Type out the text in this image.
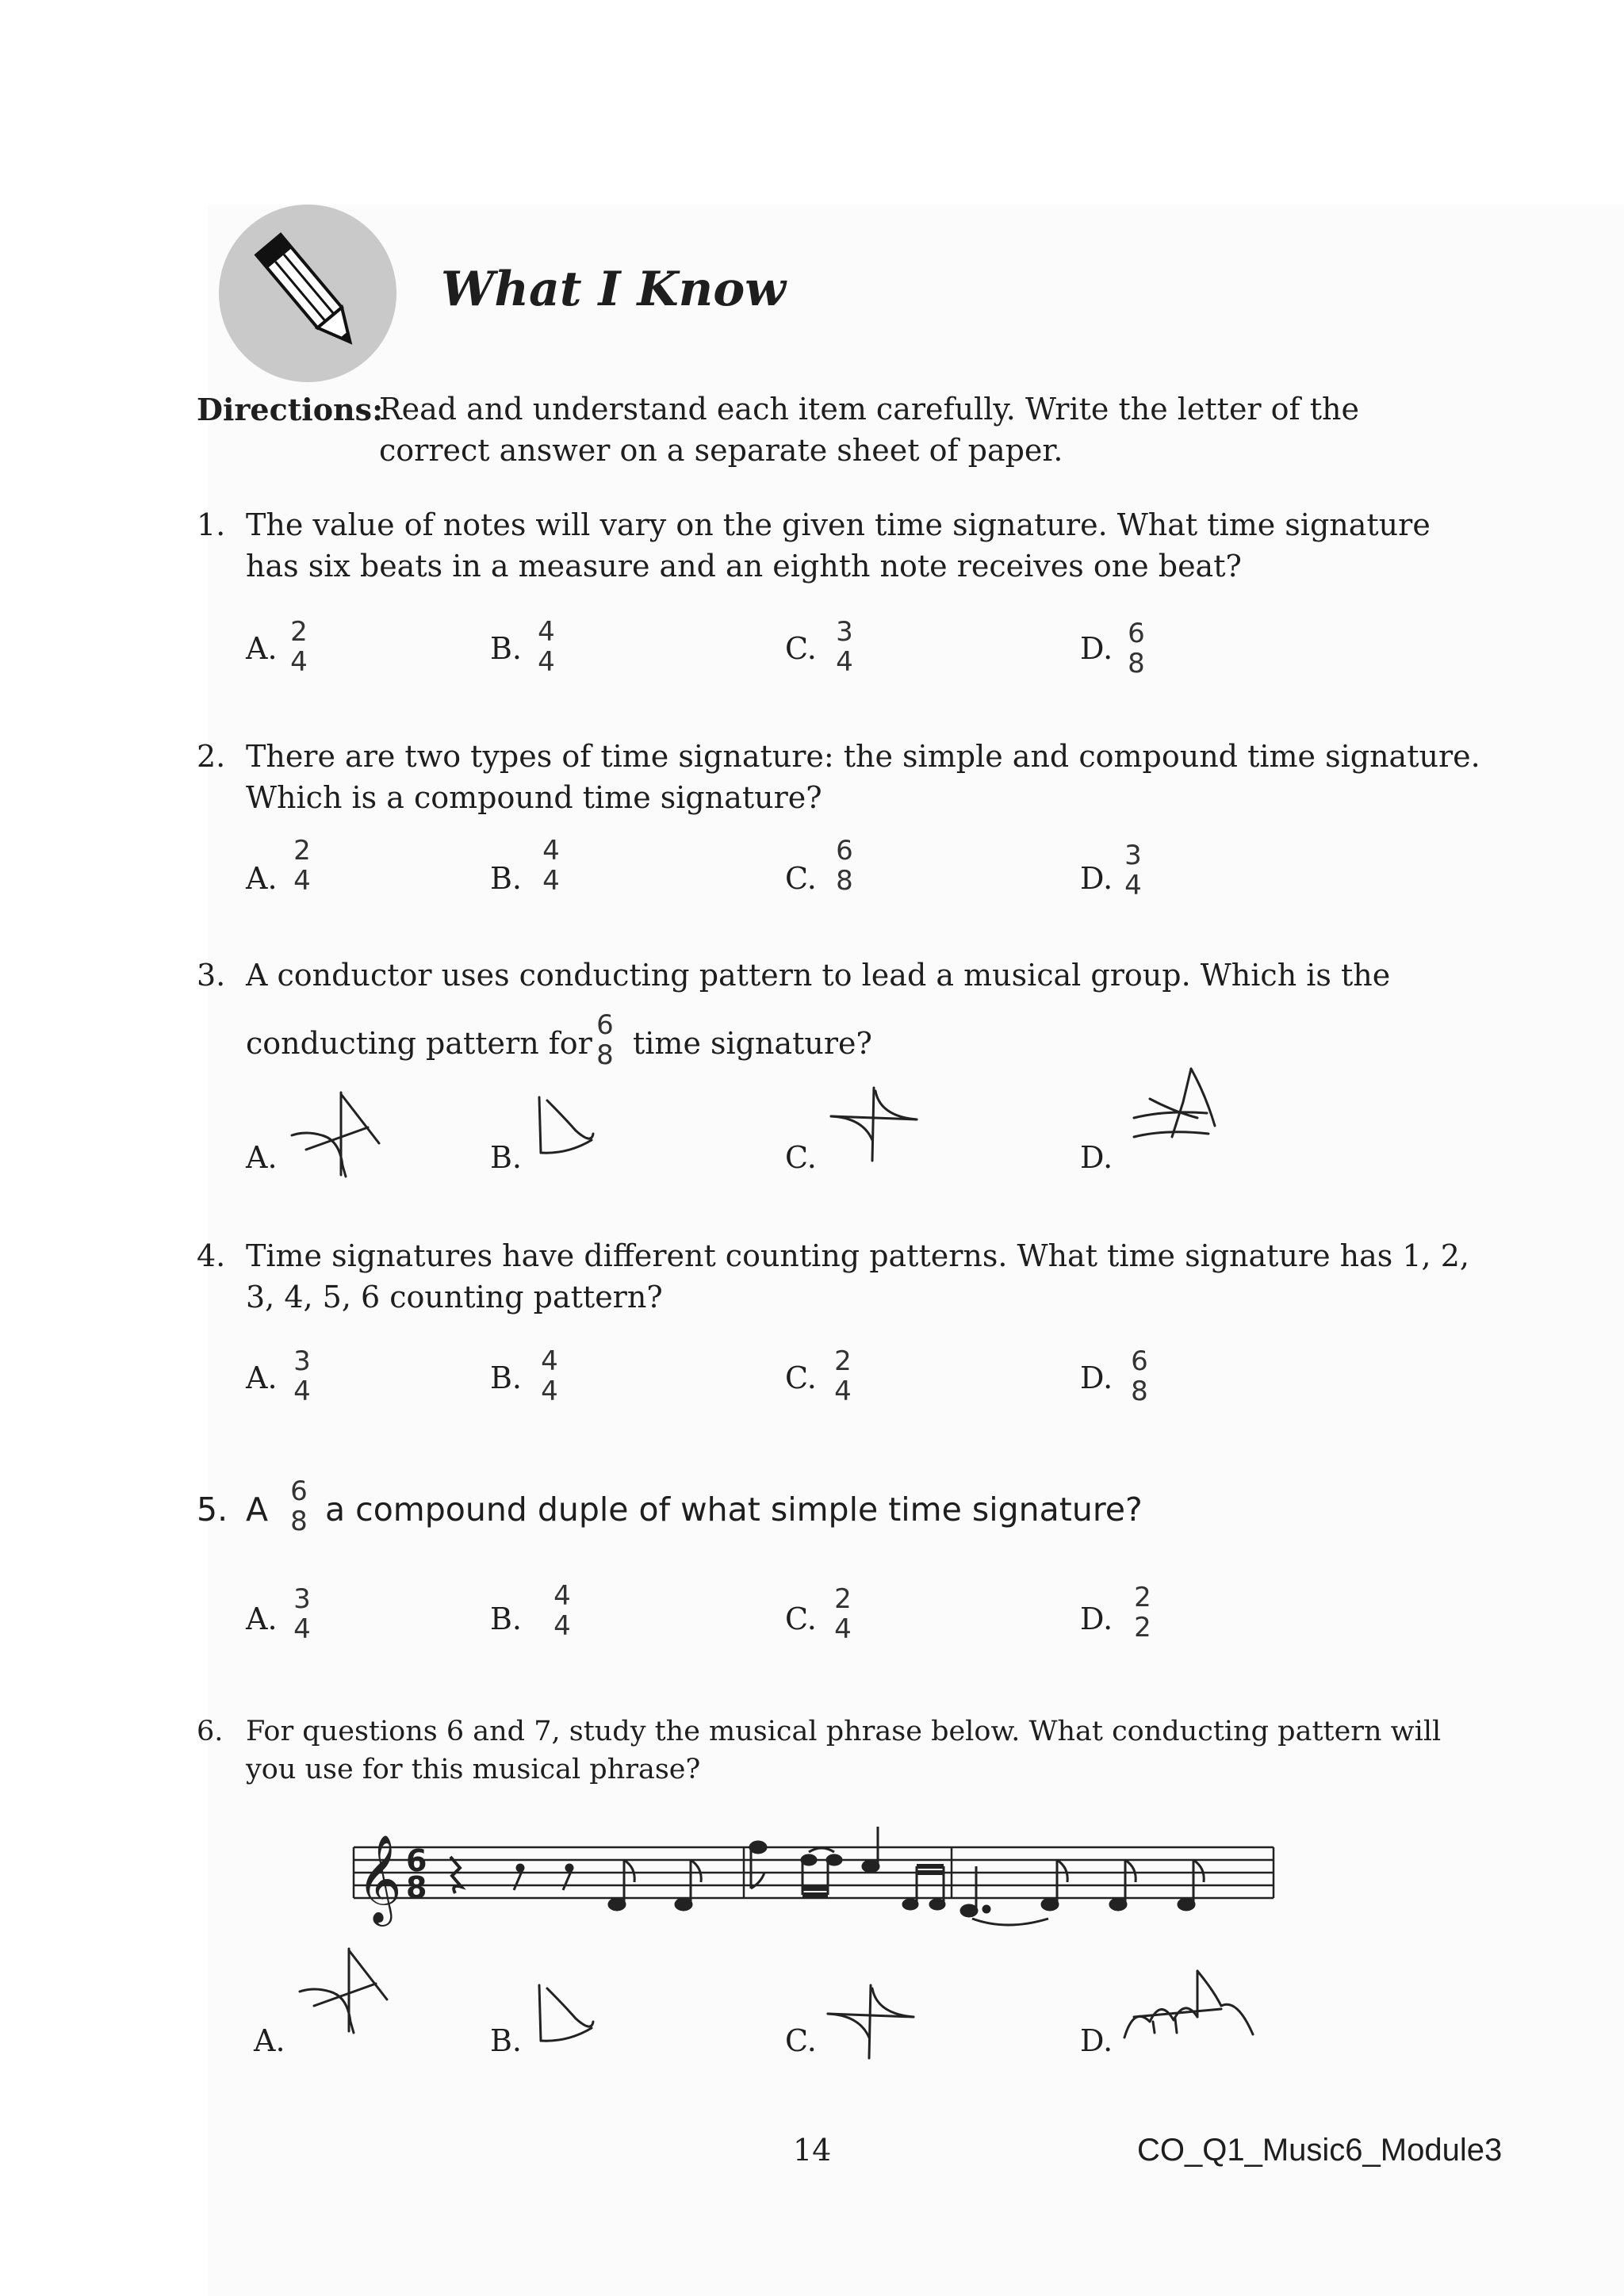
What I Know
Directions:
Read and understand each item carefully. Write the letter of the
correct answer on a separate sheet of paper.
1. The value of notes will vary on the given time signature. What time signature
has six beats in a measure and an eighth note receives one beat?
A. 2
4	B. 4
4	C. 3
4	D. 6
8
2. There are two types of time signature: the simple and compound time signature.
Which is a compound time signature?
A.
2
4	B.
4
4	C.
6
8	D.
3
4
3. A conductor uses conducting pattern to lead a musical group. Which is the
conducting pattern for
6
8 time signature?
A.	B.	C.	D.
4. Time signatures have different counting patterns. What time signature has 1, 2,
3, 4, 5, 6 counting pattern?
A. 3
4	B. 4
4	C. 2
4	D. 6
8
5. A 6
8 a compound duple of what simple time signature?
A.
3
4	B.
4
4	C.
2
4	D.
2
2
6. For questions 6 and 7, study the musical phrase below. What conducting pattern will
you use for this musical phrase?
𝄞 6
8
A.	B.	C.	D.
14	CO_Q1_Music6_Module3
